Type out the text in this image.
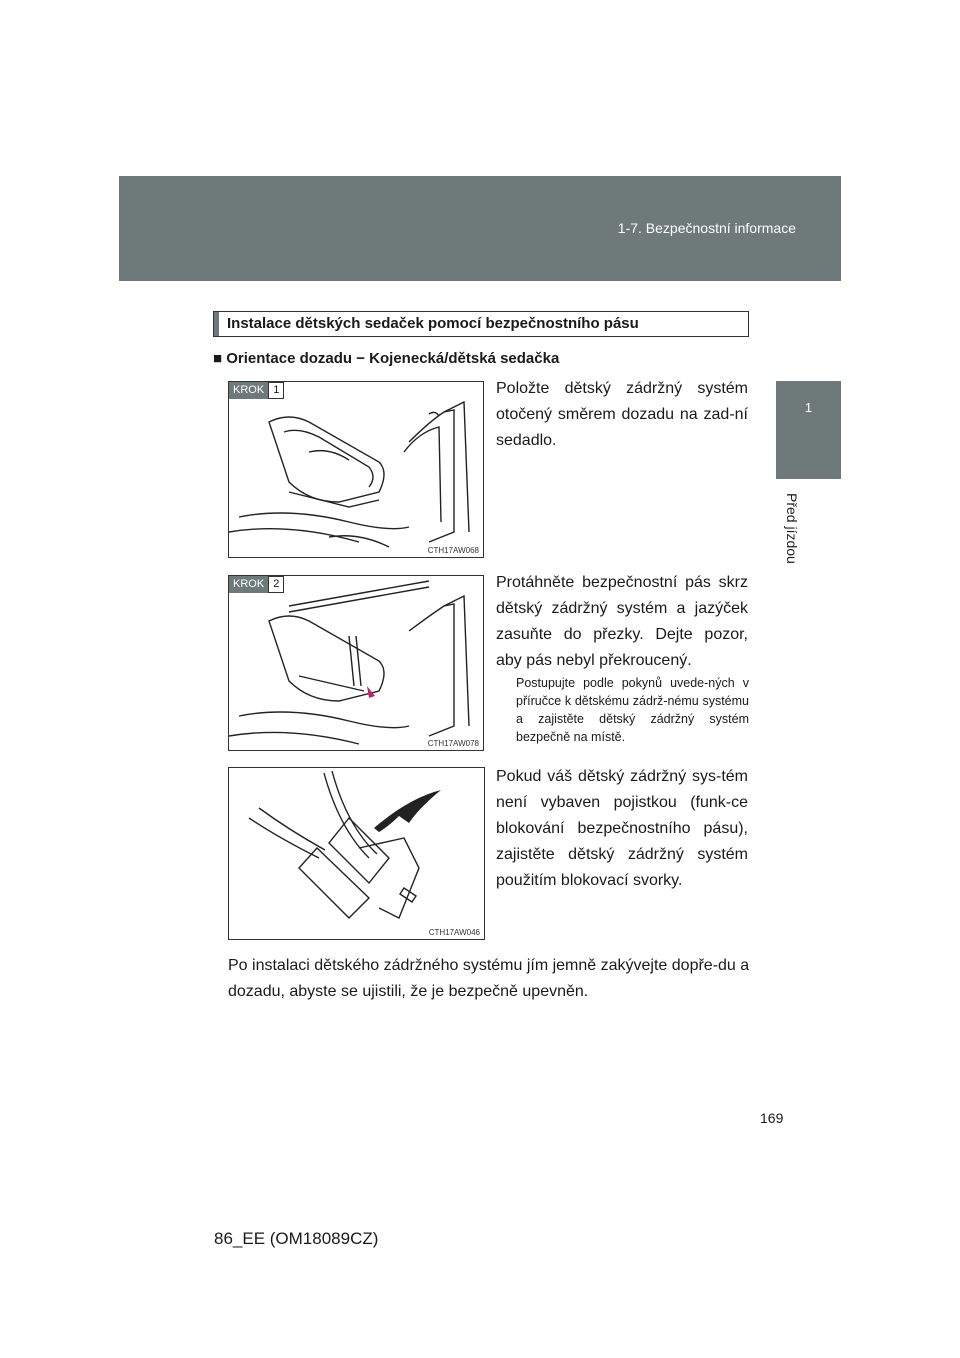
1-7. Bezpečnostní informace
1
Před jízdou
Instalace dětských sedaček pomocí bezpečnostního pásu
■ Orientace dozadu − Kojenecká/dětská sedačka
KROK 1
CTH17AW068
Položte dětský zádržný systém otočený směrem dozadu na zad-ní sedadlo.
KROK 2
CTH17AW078
Protáhněte bezpečnostní pás skrz dětský zádržný systém a jazýček zasuňte do přezky. Dejte pozor, aby pás nebyl překroucený.
Postupujte podle pokynů uvede-ných v příručce k dětskému zádrž-nému systému a zajistěte dětský zádržný systém bezpečně na místě.
CTH17AW046
Pokud váš dětský zádržný sys-tém není vybaven pojistkou (funk-ce blokování bezpečnostního pásu), zajistěte dětský zádržný systém použitím blokovací svorky.
Po instalaci dětského zádržného systému jím jemně zakývejte dopře-du a dozadu, abyste se ujistili, že je bezpečně upevněn.
169
86_EE (OM18089CZ)
